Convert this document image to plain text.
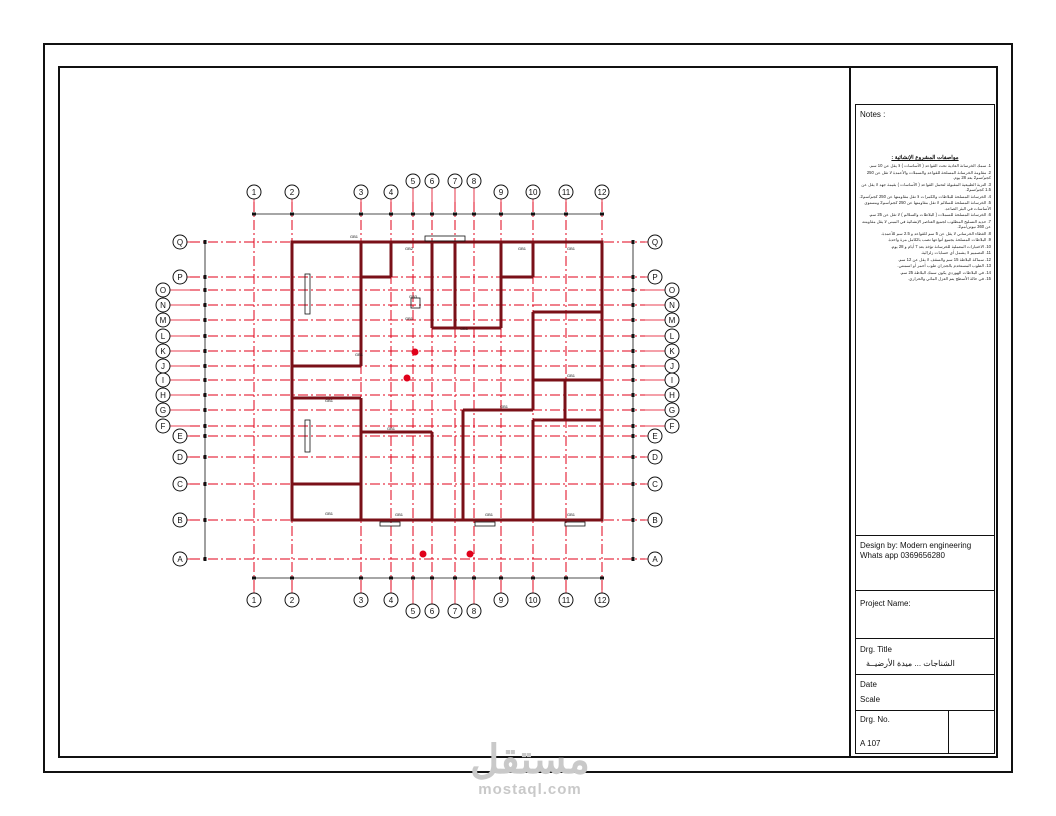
GB1
GB2	GB1	GB1
GB1
GB1
GB1
GB1
GB1	GB1	GB1	GB1
GB1
GB1
GB1
GB3
1
1
2
2
3
3
4
4
5
5
6
6
7
7
8
8
9
9
10
10
11
11
12
12
Q	Q
P	P
O	O
N	N
M	M
L	L
K	K
J	J
I	I
H	H
G	G
F	F
E	E
D	D
C	C
B	B
A	A
Notes :
مواصفات المشروع الإنشائية :

1. سمك الخرسانة العادية تحت القواعد ( الأساسات ) لا يقل عن 10 سم.

2. مقاومة الخرسانة المسلحة للقواعد والسملات والأعمدة لا تقل عن 250 كجم/سم2 بعد 28 يوم.

3. التربة الطبيعية المقبولة لتحمل القواعد ( الأساسات ) بقيمة جهد لا يقل عن 1.5 كجم/سم2.

4. الخرسانة المسلحة للبلاطات والكمرات لا تقل مقاومتها عن 250 كجم/سم2.

5. الخرسانة المسلحة للسلالم لا تقل مقاومتها عن 250 كجم/سم2 ومستوى الأساسات في البئر الصاعد.

6. الخرسانة المسلحة للسملات ( البلاطات والسلالم ) لا تقل عن 25 سم.

7. حديد التسليح المطلوب لجميع العناصر الإنشائية في المبنى لا يقل مقاومته عن 360 نيوتن/مم2.

8. الغطاء الخرساني لا يقل عن 5 سم للقواعد و 2.5 سم للأعمدة.

9. البلاطات المسلحة بجميع أنواعها تصب بالكامل مرة واحدة.

10. الاختبارات المعملية للخرسانة تؤخذ بعد 7 أيام و 28 يوم.

11. التصميم لا يشمل أي حسابات زلزالية.

12. سماكة البلاطة 15 سم والسقف لا يقل عن 12 سم.

13. الطوب المستخدم بالجدران طوب أحمر أو اسمنتي.

14. في البلاطات الهوردي يكون سمك البلاطة 25 سم.

15. في حالة الأسطح يتم العزل المائي والحراري.

Design by: Modern engineering
Whats app 0369656280
Project Name:
Drg. Title
الشناجات ... ميدة الأرضيــة
Date
Scale
Drg. No.
A 107
مستقل
mostaql.com
